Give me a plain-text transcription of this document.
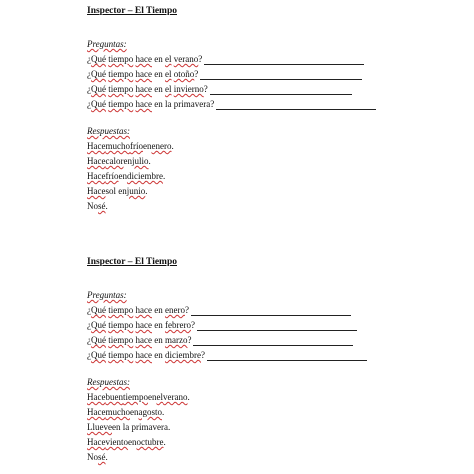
Inspector – El Tiempo
Preguntas:
¿Qué tiempo hace en el verano?
¿Qué tiempo hace en el otoño?
¿Qué tiempo hace en el invierno?
¿Qué tiempo hace en la primavera?
Respuestas:
Hace mucho frío en enero .
Hace calor en julio .
Hace frío en diciembre .
Hace sol en junio .
No sé .
Inspector – El Tiempo
Preguntas:
¿Qué tiempo hace en enero?
¿Qué tiempo hace en febrero?
¿Qué tiempo hace en marzo?
¿Qué tiempo hace en diciembre?
Respuestas:
Hace buen tiempo en el verano .
Hace mucho en agosto .
Llueve en la primavera.
Hace viento en octubre .
No sé .
